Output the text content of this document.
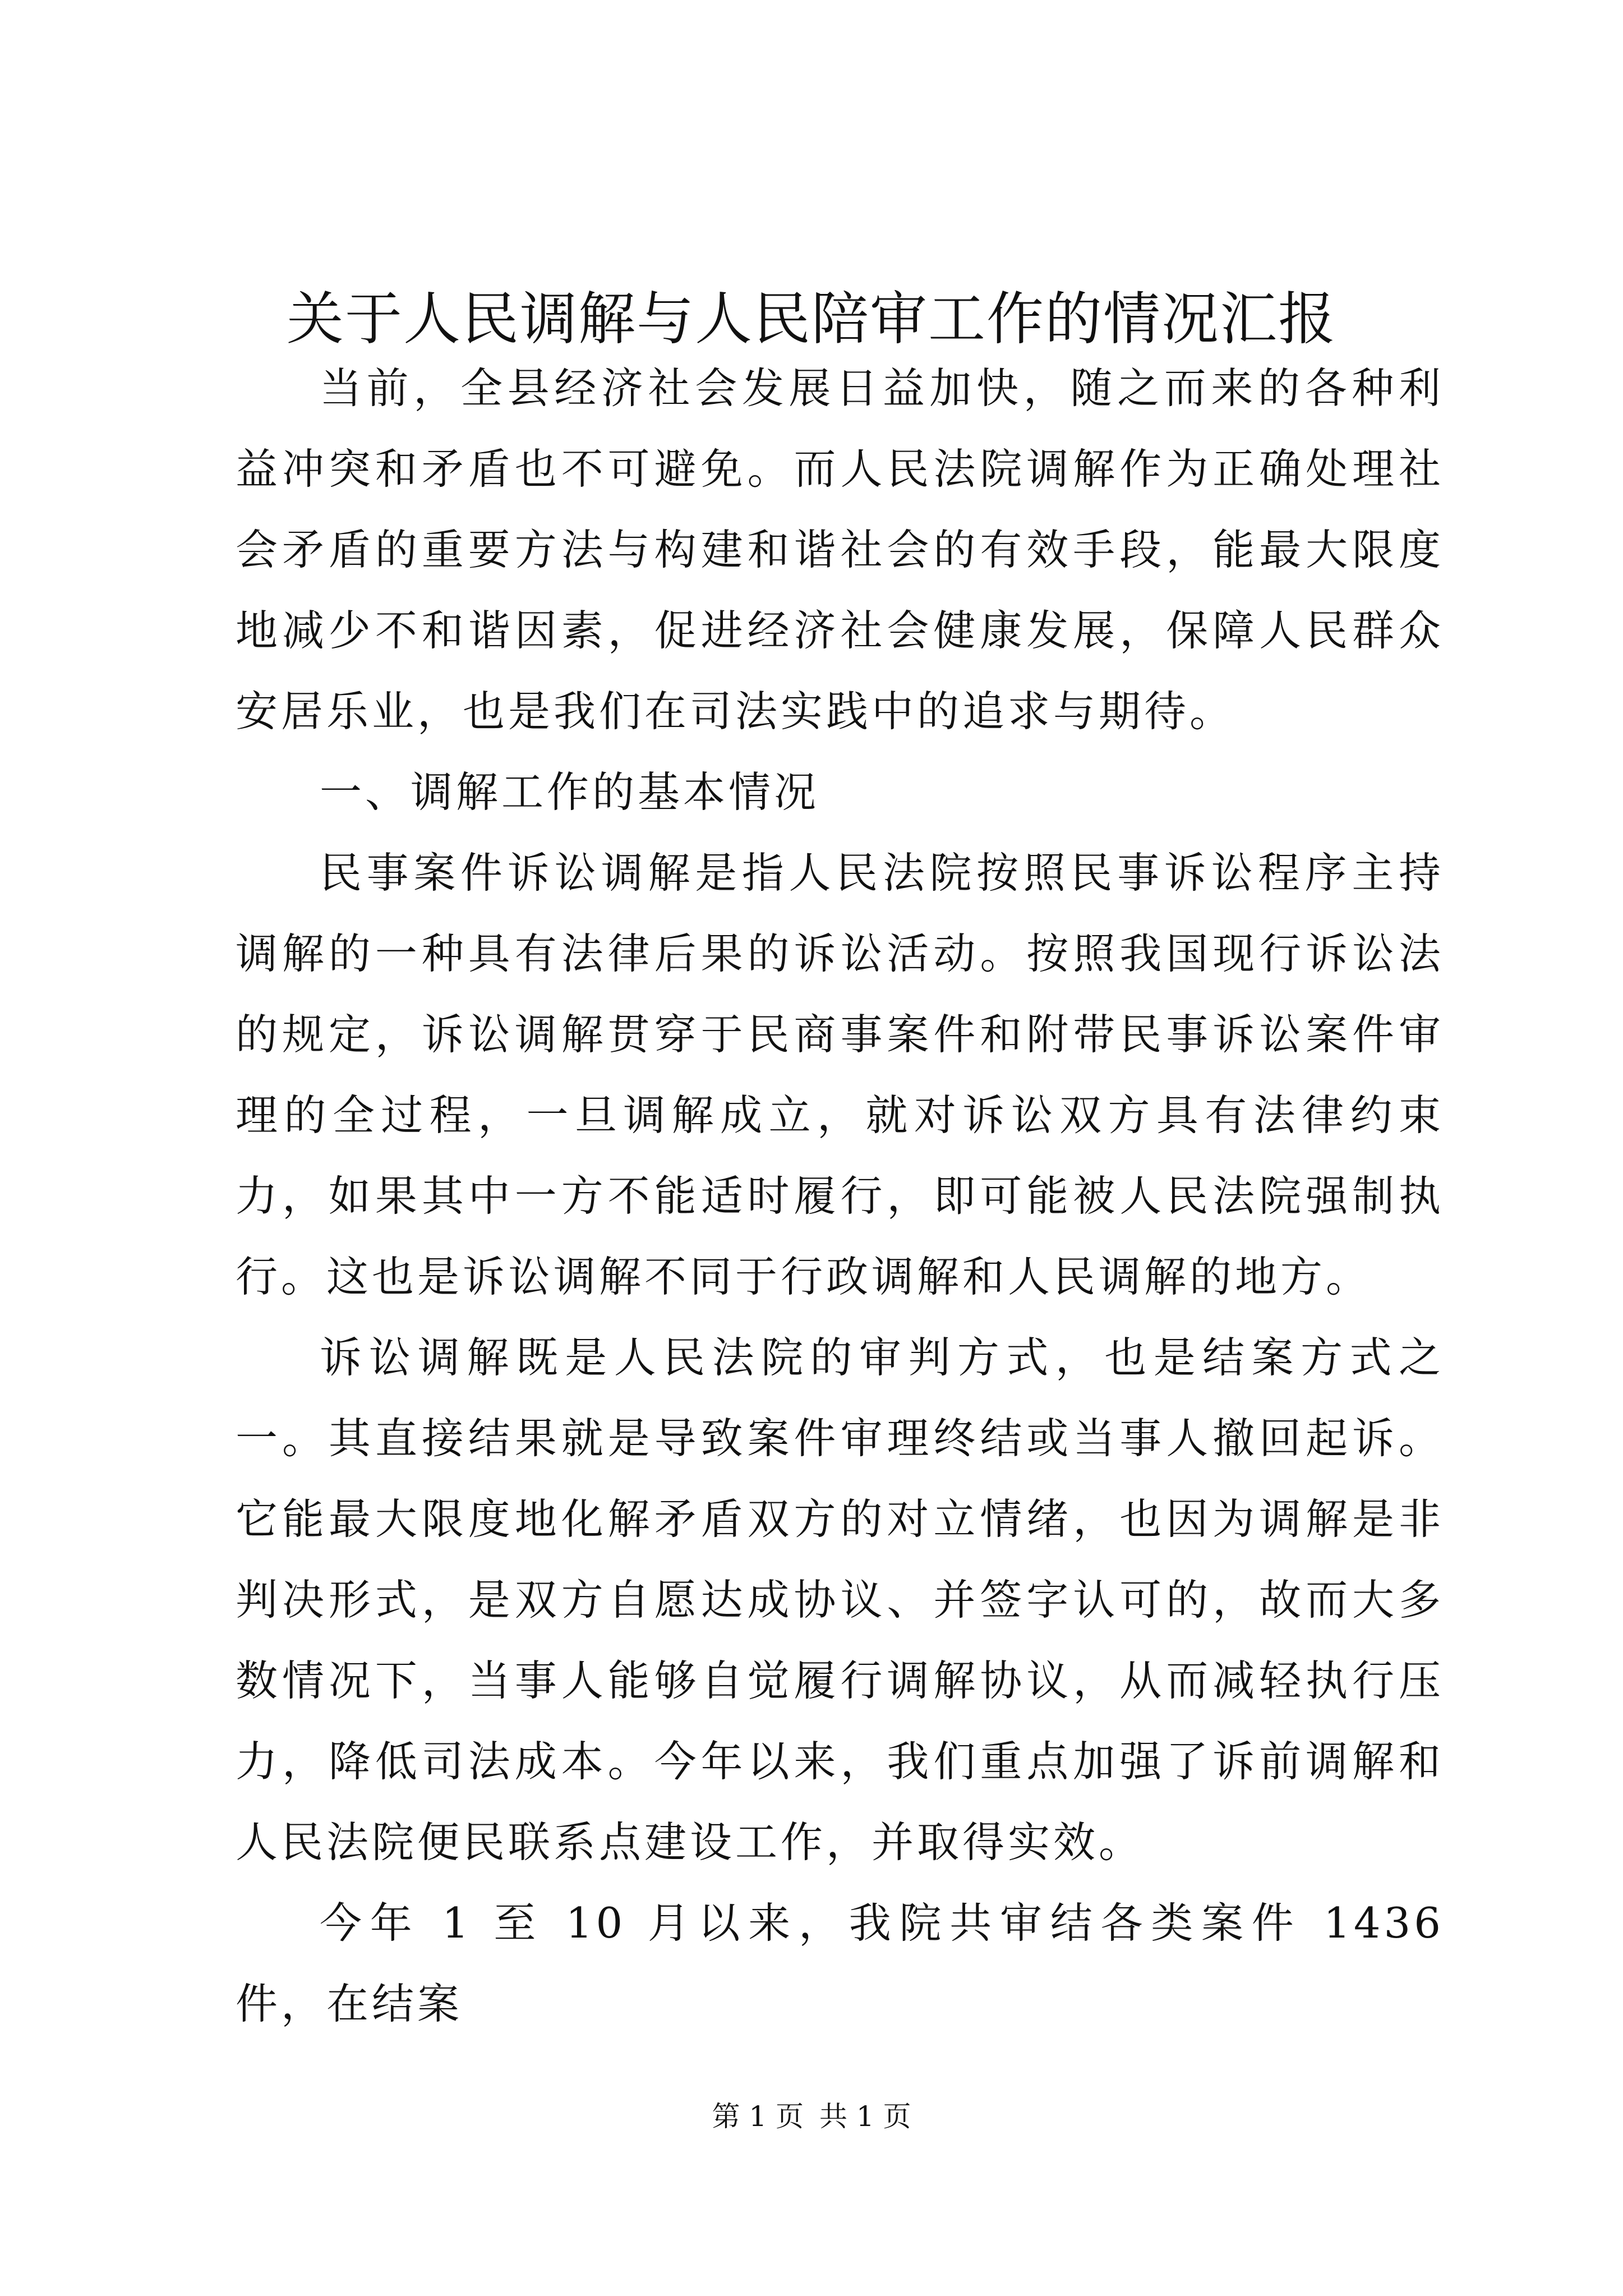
关于人民调解与人民陪审工作的情况汇报

当前，全县经济社会发展日益加快，随之而来的各种利益冲突和矛盾也不可避免。而人民法院调解作为正确处理社会矛盾的重要方法与构建和谐社会的有效手段，能最大限度地减少不和谐因素，促进经济社会健康发展，保障人民群众安居乐业，也是我们在司法实践中的追求与期待。

一、调解工作的基本情况

民事案件诉讼调解是指人民法院按照民事诉讼程序主持调解的一种具有法律后果的诉讼活动。按照我国现行诉讼法的规定，诉讼调解贯穿于民商事案件和附带民事诉讼案件审理的全过程，一旦调解成立，就对诉讼双方具有法律约束力，如果其中一方不能适时履行，即可能被人民法院强制执行。这也是诉讼调解不同于行政调解和人民调解的地方。

诉讼调解既是人民法院的审判方式，也是结案方式之一。其直接结果就是导致案件审理终结或当事人撤回起诉。它能最大限度地化解矛盾双方的对立情绪，也因为调解是非判决形式，是双方自愿达成协议、并签字认可的，故而大多数情况下，当事人能够自觉履行调解协议，从而减轻执行压力，降低司法成本。今年以来，我们重点加强了诉前调解和人民法院便民联系点建设工作，并取得实效。

今年 1 至 10 月以来，我院共审结各类案件 1436 件，在结案

第 1 页 共 1 页
